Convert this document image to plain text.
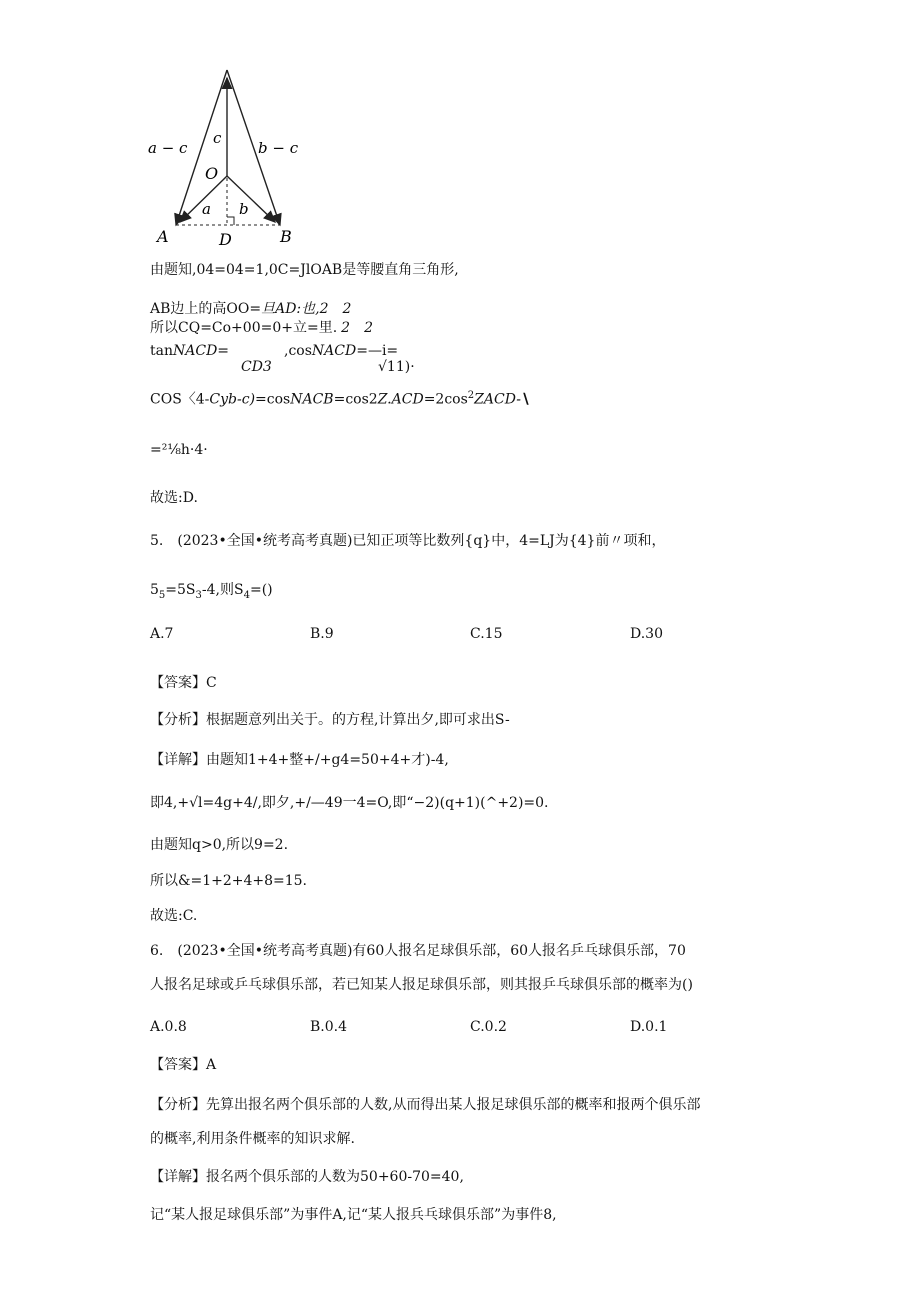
a − c
c
b − c
O
a b
A	D	B
由题知,04=04=1,0C=JlOAB是等腰直角三角形,
AB边上的高OO=旦AD:也,2　2
所以CQ=Co+00=0+立=里. 2　2
tanNACD=	,cosNACD=—i=
CD3	√11)·
COS〈$4-Cyb-c)=cosNACB=\cos 2Z.ACD=2\cos^2ZACD-∖$
=²⅛h·4·
故选:D.
5.　(2023•全国•统考高考真题)已知正项等比数列{q}中，4=LJ为{4}前〃项和，
$5_5=5S_3-4$,则$S_4=()$
A.7	B.9	C.15	D.30
【答案】C
【分析】根据题意列出关于。的方程,计算出夕,即可求出S-
【详解】由题知1+4+整+/+g4=50+4+才)-4,
即4,+√l=4g+4/,即夕,+/—49一4=O,即“−2)(q+1)(^+2)=0.
由题知q>0,所以9=2.
所以&=1+2+4+8=15.
故选:C.
6.　(2023•全国•统考高考真题)有60人报名足球俱乐部，60人报名乒乓球俱乐部，70
人报名足球或乒乓球俱乐部，若已知某人报足球俱乐部，则其报乒乓球俱乐部的概率为()
A.0.8	B.0.4	C.0.2	D.0.1
【答案】A
【分析】先算出报名两个俱乐部的人数,从而得出某人报足球俱乐部的概率和报两个俱乐部
的概率,利用条件概率的知识求解.
【详解】报名两个俱乐部的人数为50+60-70=40,
记“某人报足球俱乐部”为事件A,记“某人报兵乓球俱乐部”为事件8,
